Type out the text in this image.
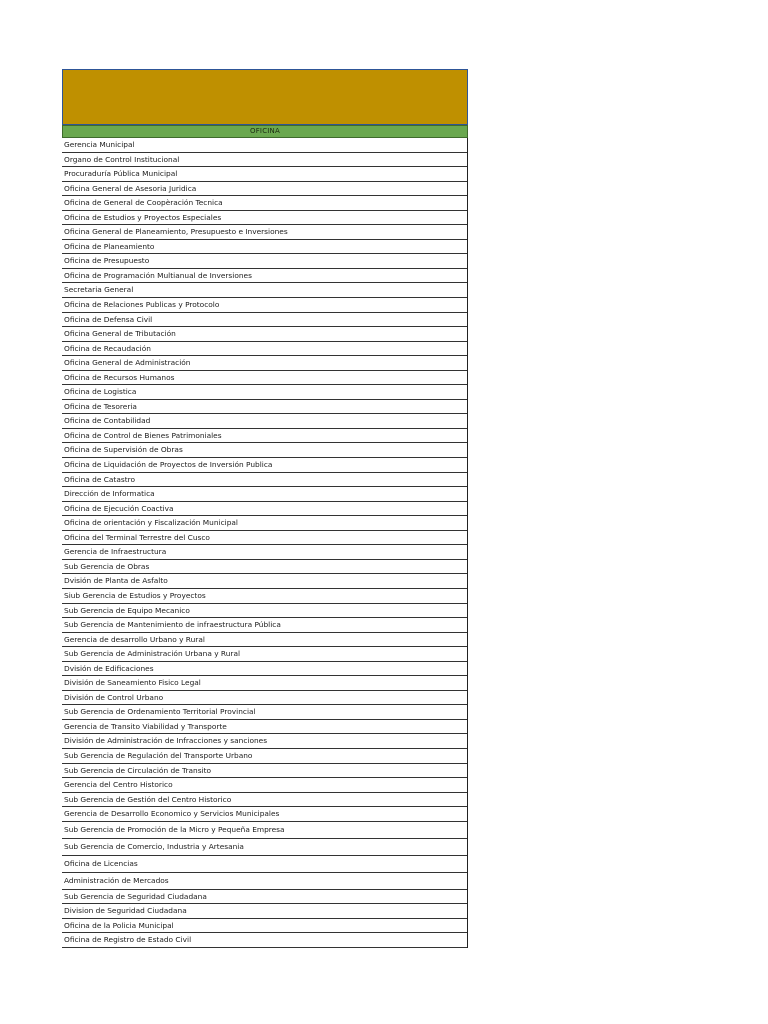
OFICINA
Gerencia Municipal
Organo de Control Institucional
Procuraduría Pública Municipal
Oficina General de Asesoria Juridica
Oficina de General de Coopèración Tecnica
Oficina de Estudios y Proyectos Especiales
Oficina General de Planeamiento, Presupuesto e Inversiones
Oficina de Planeamiento
Oficina de Presupuesto
Oficina de Programación Multianual de Inversiones
Secretaria General
Oficina de Relaciones Publicas y Protocolo
Oficina de Defensa Civil
Oficina General de Tributación
Oficina de Recaudación
Oficina General de Administración
Oficina de Recursos Humanos
Oficina de Logistica
Oficina de Tesoreria
Oficina de Contabilidad
Oficina de Control de Bienes Patrimoniales
Oficina de Supervisión de Obras
Oficina de Liquidación de Proyectos de Inversión Publica
Oficina de Catastro
Dirección de Informatica
Oficina de Ejecución Coactiva
Oficina de orientación y Fiscalización Municipal
Oficina del Terminal Terrestre del Cusco
Gerencia de Infraestructura
Sub Gerencia de Obras
Dvisión de Planta de Asfalto
Siub Gerencia de Estudios y Proyectos
Sub Gerencia de Equipo Mecanico
Sub Gerencia de Mantenimiento de infraestructura Pública
Gerencia de desarrollo Urbano y Rural
Sub Gerencia de Administración Urbana y Rural
Dvisión de Edificaciones
División de Saneamiento Fisico Legal
División de Control Urbano
Sub Gerencia de Ordenamiento Territorial Provincial
Gerencia de Transito Viabilidad y Transporte
División de Administración de Infracciones y sanciones
Sub Gerencia de Regulación del Transporte Urbano
Sub Gerencia de Circulación de Transito
Gerencia del Centro Historico
Sub Gerencia de Gestión del Centro Historico
Gerencia de Desarrollo Economico y Servicios Municipales
Sub Gerencia de Promoción de la Micro y Pequeña Empresa
Sub Gerencia de Comercio, Industria y Artesania
Oficina de Licencias
Administración de Mercados
Sub Gerencia de Seguridad Ciudadana
Division de Seguridad Ciudadana
Oficina de la Policia Municipal
Oficina de Registro de Estado Civil
